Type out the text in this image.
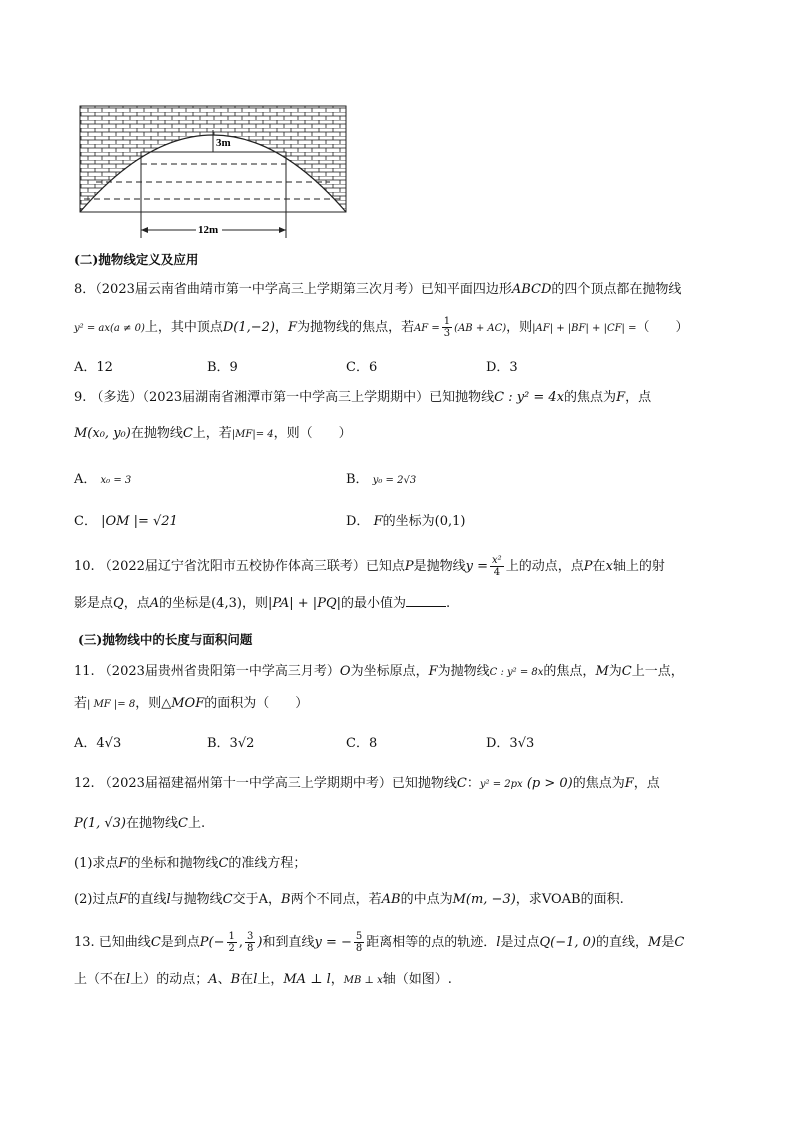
3m
12m
(二)抛物线定义及应用
8．（2023届云南省曲靖市第一中学高三上学期第三次月考）已知平面四边形ABCD的四个顶点都在抛物线
y² = ax(a ≠ 0)上，其中顶点D(1,−2)，F为抛物线的焦点，若AF = $\frac{1}{3} (AB + AC)$，则|AF| + |BF| + |CF| =（　　）
A．12	B．9	C．6	D．3
9. （多选）（2023届湖南省湘潭市第一中学高三上学期期中）已知抛物线C : y² = 4x的焦点为F，点
M(x₀, y₀)在抛物线C上，若|MF|= 4，则（　　）
A． x₀ = 3	B． y₀ = 2√3
C． |OM |= √21	D． F的坐标为(0,1)
10. （2022届辽宁省沈阳市五校协作体高三联考）已知点P是抛物线$y = \frac{\text{x²}}{4}$ 上的动点，点P在x轴上的射
影是点Q，点A的坐标是(4,3)，则|PA| + |PQ|的最小值为	.
(三)抛物线中的长度与面积问题
11. （2023届贵州省贵阳第一中学高三月考）O为坐标原点，F为抛物线C : y² = 8x的焦点，M为C上一点，
若| MF |= 8，则△MOF的面积为（　　）
A．4√3	B．3√2	C．8	D．3√3
12. （2023届福建福州第十一中学高三上学期期中考）已知抛物线C：y² = 2px (p > 0)的焦点为F，点
P(1, √3)在抛物线C上.
(1)求点F的坐标和抛物线C的准线方程；
(2)过点F的直线l与抛物线C交于A，B两个不同点，若AB的中点为M(m, −3)，求VOAB的面积.
13. 已知曲线C是到点$P(- \frac{1}{2}$ , $\frac{3}{8}$ )和到直线y = − $\frac{5}{8}$ 距离相等的点的轨迹．l是过点Q(−1, 0)的直线，M是C
上（不在l上）的动点；A、B在l上，MA ⊥ l，MB ⊥ x轴（如图）.
